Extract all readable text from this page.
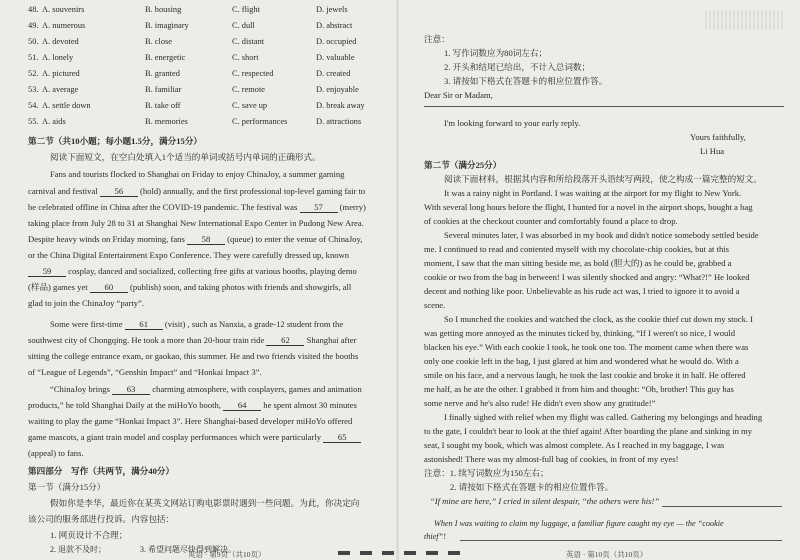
48. A. souvenirs	B. housing	C. flight	D. jewels
49. A. numerous	B. imaginary	C. dull	D. abstract
50. A. devoted	B. close	C. distant	D. occupied
51. A. lonely	B. energetic	C. short	D. valuable
52. A. pictured	B. granted	C. respected	D. created
53. A. average	B. familiar	C. remote	D. enjoyable
54. A. settle down	B. take off	C. save up	D. break away
55. A. aids	B. memories	C. performances	D. attractions
第二节（共10小题；每小题1.5分，满分15分）
阅读下面短文，在空白处填入1个适当的单词或括号内单词的正确形式。
Fans and tourists flocked to Shanghai on Friday to enjoy ChinaJoy, a summer gaming
carnival and festival 56 (hold) annually, and the first professional top-level gaming fair to
be celebrated offline in China after the COVID-19 pandemic. The festival was 57 (merry)
taking place from July 28 to 31 at Shanghai New International Expo Center in Pudong New Area.
Despite heavy winds on Friday morning, fans 58 (queue) to enter the venue of ChinaJoy,
or the China Digital Entertainment Expo Conference. They were carefully dressed up, known
59 cosplay, danced and socialized, collecting free gifts at various booths, playing demo
(样品) games yet 60 (publish) soon, and taking photos with friends and showgirls, all
glad to join the ChinaJoy “party”.
Some were first-time 61 (visit) , such as Nanxia, a grade-12 student from the
southwest city of Chongqing. He took a more than 20-hour train ride 62 Shanghai after
sitting the college entrance exam, or gaokao, this summer. He and two friends visited the booths
of “League of Legends”, “Genshin Impact” and “Honkai Impact 3”.
“ChinaJoy brings 63 charming atmosphere, with cosplayers, games and animation
products,” he told Shanghai Daily at the miHoYo booth, 64 he spent almost 30 minutes
waiting to play the game “Honkai Impact 3”. Here Shanghai-based developer miHoYo offered
game mascots, a giant train model and cosplay performances which were particularly 65
(appeal) to fans.
第四部分　写作（共两节，满分40分）
第一节（满分15分）
假如你是李华，最近你在某英文网站订购电影票时遇到一些问题。为此，你决定向
该公司的服务部进行投诉。内容包括：
1. 网页设计不合理；
注意：
1. 写作词数应为80词左右；
2. 开头和结尾已给出，不计入总词数；
3. 请按如下格式在答题卡的相应位置作答。
Dear Sir or Madam,
I'm looking forward to your early reply.
Yours faithfully,
Li Hua
第二节（满分25分）
阅读下面材料，根据其内容和所给段落开头语续写两段，使之构成一篇完整的短文。
It was a rainy night in Portland. I was waiting at the airport for my flight to New York.
With several long hours before the flight, I hunted for a novel in the airport shops, bought a bag
of cookies at the checkout counter and comfortably found a place to drop.
Several minutes later, I was absorbed in my book and didn't notice somebody settled beside
me. I continued to read and contented myself with my chocolate-chip cookies, but at this
moment, I saw that the man sitting beside me, as bold (胆大的) as he could be, grabbed a
cookie or two from the bag in between! I was silently shocked and angry: “What?!” He looked
decent and nothing like poor. Unbelievable as his rude act was, I tried to ignore it to avoid a
scene.
So I munched the cookies and watched the clock, as the cookie thief cut down my stock. I
was getting more annoyed as the minutes ticked by, thinking, “If I weren't so nice, I would
blacken his eye.” With each cookie I took, he took one too. The moment came when there was
only one cookie left in the bag, I just glared at him and wondered what he would do. With a
smile on his face, and a nervous laugh, he took the last cookie and broke it in half. He offered
me half, as he ate the other. I grabbed it from him and thought: “Oh, brother! This guy has
some nerve and he's also rude! He didn't even show any gratitude!”
I finally sighed with relief when my flight was called. Gathering my belongings and heading
to the gate, I couldn't bear to look at the thief again! After boarding the plane and sinking in my
seat, I sought my book, which was almost complete. As I reached in my baggage, I was
astonished! There was my almost-full bag of cookies, in front of my eyes!
注意：1. 续写词数应为150左右；
2. 请按如下格式在答题卡的相应位置作答。
“If mine are here,” I cried in silent despair, “the others were his!”
When I was waiting to claim my luggage, a familiar figure caught my eye — the “cookie
thief”!
2. 退款不及时；	3. 希望问题尽快得到解决。
英语 · 第9页（共10页）	英语 · 第10页（共10页）
